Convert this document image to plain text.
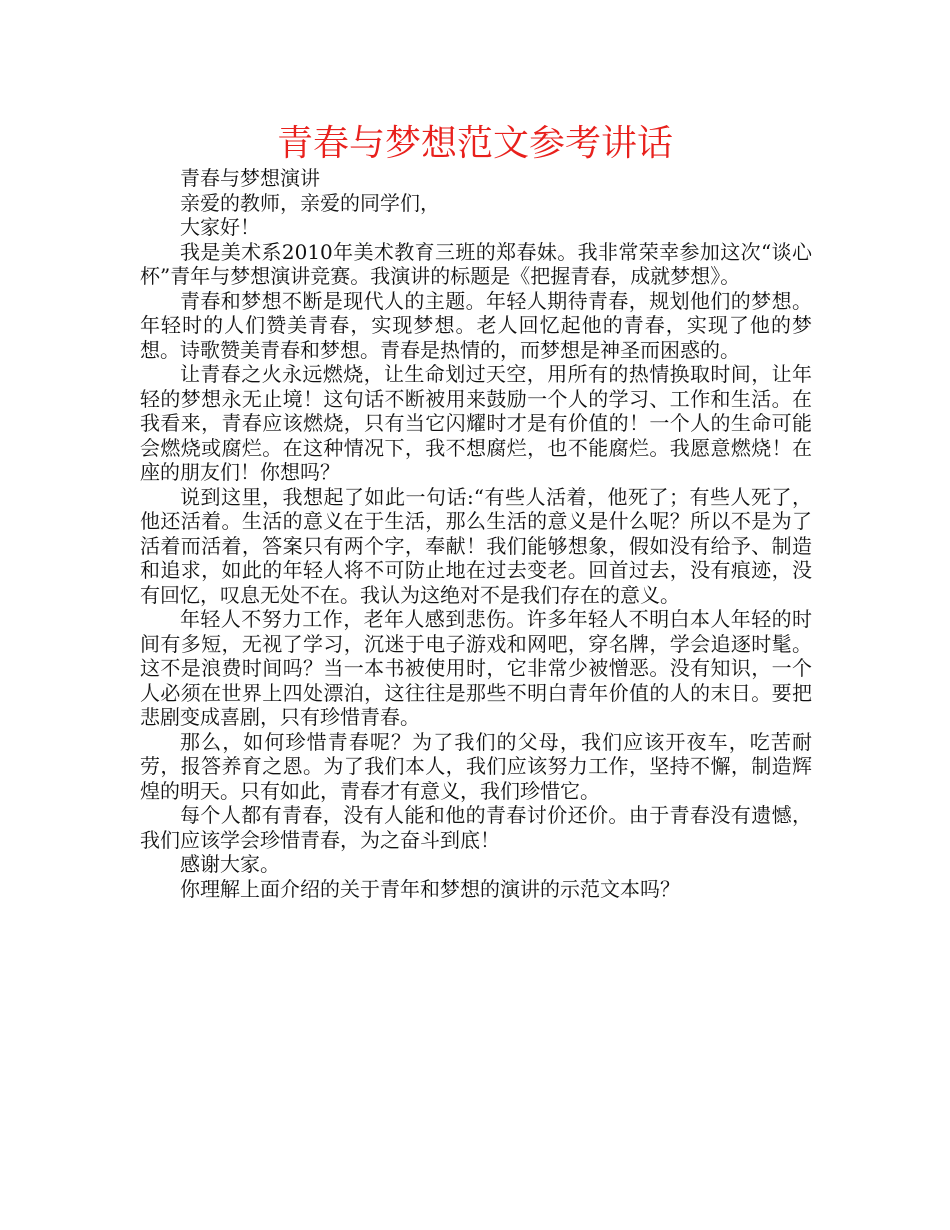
青春与梦想范文参考讲话

青春与梦想演讲

亲爱的教师，亲爱的同学们，

大家好！

我是美术系2010年美术教育三班的郑春妹。我非常荣幸参加这次“谈心杯”青年与梦想演讲竞赛。我演讲的标题是《把握青春，成就梦想》。

青春和梦想不断是现代人的主题。年轻人期待青春，规划他们的梦想。年轻时的人们赞美青春，实现梦想。老人回忆起他的青春，实现了他的梦想。诗歌赞美青春和梦想。青春是热情的，而梦想是神圣而困惑的。

让青春之火永远燃烧，让生命划过天空，用所有的热情换取时间，让年轻的梦想永无止境！这句话不断被用来鼓励一个人的学习、工作和生活。在我看来，青春应该燃烧，只有当它闪耀时才是有价值的！一个人的生命可能会燃烧或腐烂。在这种情况下，我不想腐烂，也不能腐烂。我愿意燃烧！在座的朋友们！你想吗？

说到这里，我想起了如此一句话:“有些人活着，他死了；有些人死了，他还活着。生活的意义在于生活，那么生活的意义是什么呢？所以不是为了活着而活着，答案只有两个字，奉献！我们能够想象，假如没有给予、制造和追求，如此的年轻人将不可防止地在过去变老。回首过去，没有痕迹，没有回忆，叹息无处不在。我认为这绝对不是我们存在的意义。

年轻人不努力工作，老年人感到悲伤。许多年轻人不明白本人年轻的时间有多短，无视了学习，沉迷于电子游戏和网吧，穿名牌，学会追逐时髦。这不是浪费时间吗？当一本书被使用时，它非常少被憎恶。没有知识，一个人必须在世界上四处漂泊，这往往是那些不明白青年价值的人的末日。要把悲剧变成喜剧，只有珍惜青春。

那么，如何珍惜青春呢？为了我们的父母，我们应该开夜车，吃苦耐劳，报答养育之恩。为了我们本人，我们应该努力工作，坚持不懈，制造辉煌的明天。只有如此，青春才有意义，我们珍惜它。

每个人都有青春，没有人能和他的青春讨价还价。由于青春没有遗憾，我们应该学会珍惜青春，为之奋斗到底！

感谢大家。

你理解上面介绍的关于青年和梦想的演讲的示范文本吗？
